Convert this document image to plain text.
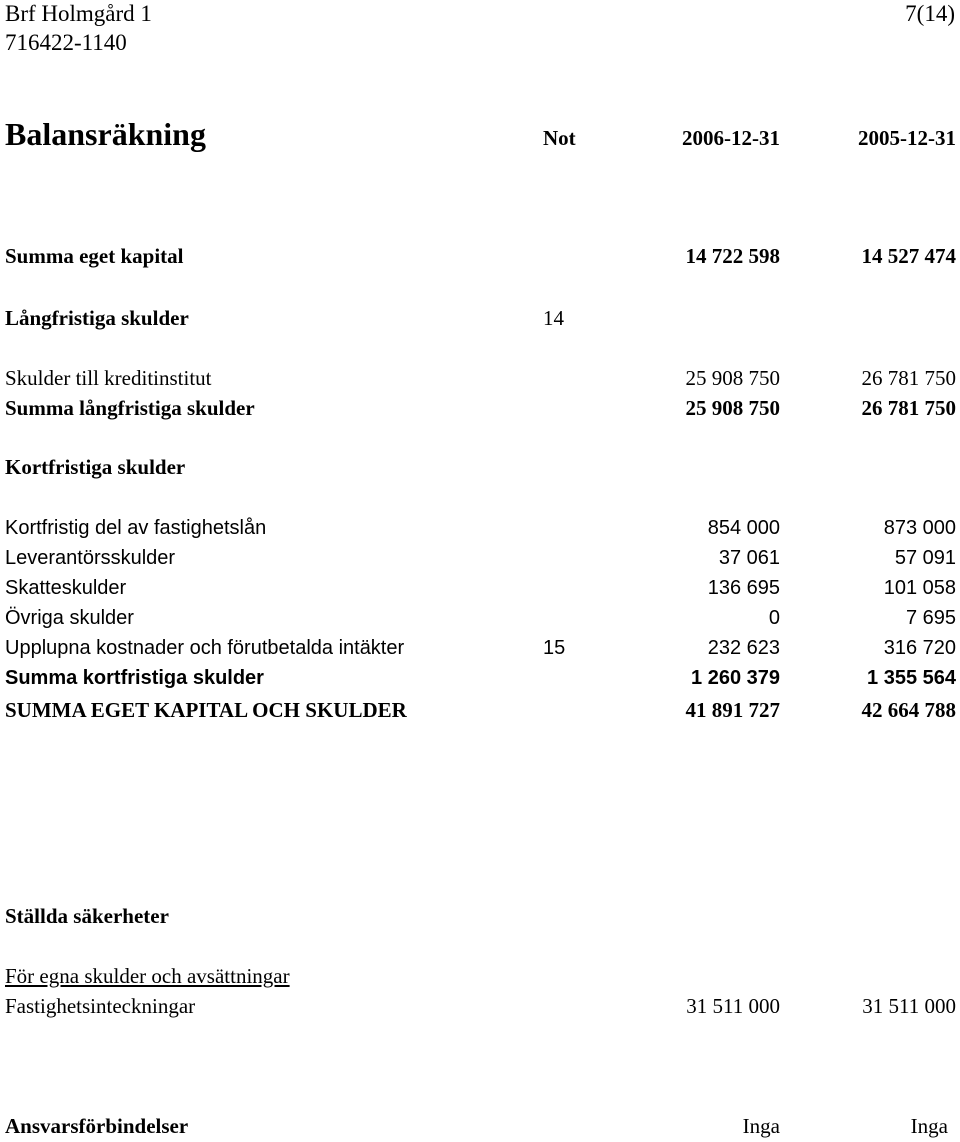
Brf Holmgård 1
716422-1140
7(14)
Balansräkning	Not	2006-12-31	2005-12-31
Summa eget kapital	14 722 598	14 527 474
Långfristiga skulder	14
Skulder till kreditinstitut	25 908 750	26 781 750
Summa långfristiga skulder	25 908 750	26 781 750
Kortfristiga skulder
Kortfristig del av fastighetslån	854 000	873 000
Leverantörsskulder	37 061	57 091
Skatteskulder	136 695	101 058
Övriga skulder	0	7 695
Upplupna kostnader och förutbetalda intäkter	15	232 623	316 720
Summa kortfristiga skulder	1 260 379	1 355 564
SUMMA EGET KAPITAL OCH SKULDER	41 891 727	42 664 788
Ställda säkerheter
För egna skulder och avsättningar
Fastighetsinteckningar	31 511 000	31 511 000
Ansvarsförbindelser	Inga	Inga
